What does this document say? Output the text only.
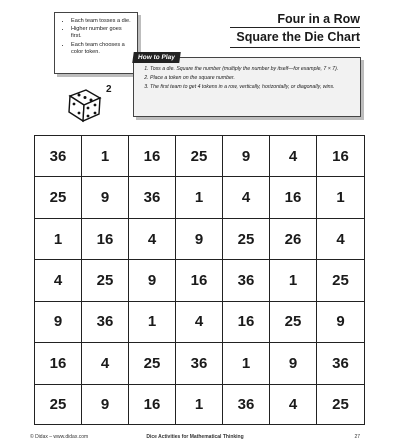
• Each team tosses a die.
• Higher number goes first.
• Each team chooses a color token.
Four in a Row
Square the Die Chart
How to Play
1. Toss a die. Square the number (multiply the number by itself—for example, 7 × 7).
2. Place a token on the square number.
3. The first team to get 4 tokens in a row, vertically, horizontally, or diagonally, wins.
2
36	1	16	25	9	4	16
25	9	36	1	4	16	1
1	16	4	9	25	26	4
4	25	9	16	36	1	25
9	36	1	4	16	25	9
16	4	25	36	1	9	36
25	9	16	1	36	4	25
© Didax – www.didax.com	Dice Activities for Mathematical Thinking	27
